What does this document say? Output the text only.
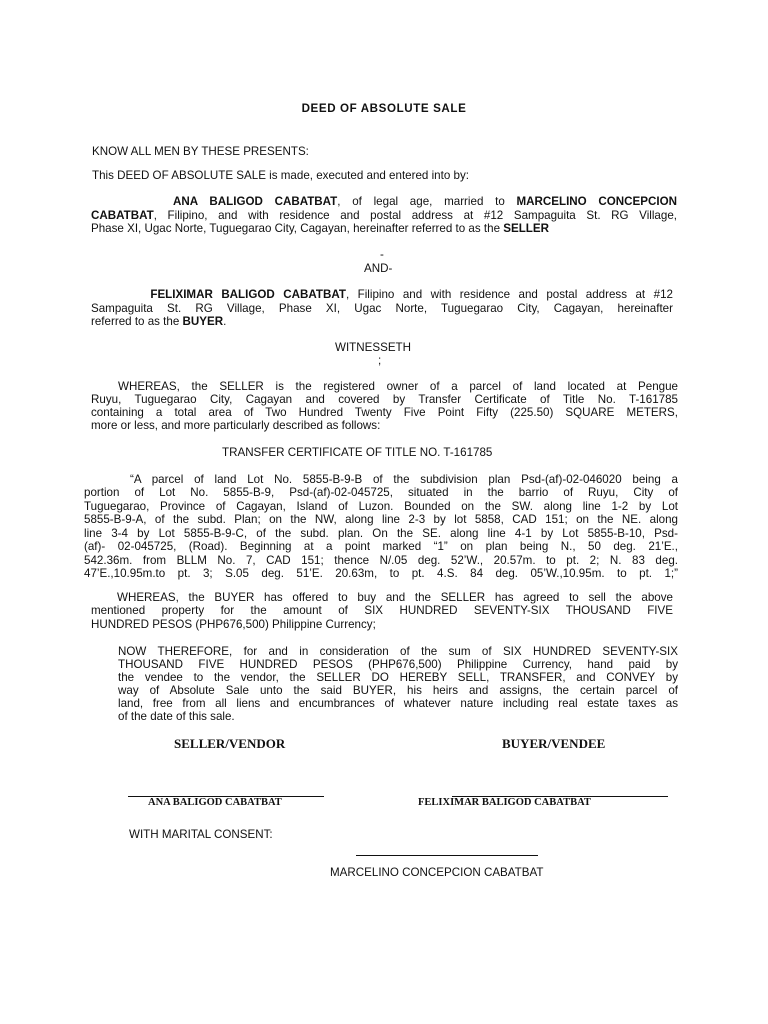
DEED OF ABSOLUTE SALE
KNOW ALL MEN BY THESE PRESENTS:
This DEED OF ABSOLUTE SALE is made, executed and entered into by:
ANA BALIGOD CABATBAT, of legal age, married to MARCELINO CONCEPCION
CABATBAT, Filipino, and with residence and postal address at #12 Sampaguita St. RG Village,
Phase XI, Ugac Norte, Tuguegarao City, Cagayan, hereinafter referred to as the SELLER
-
AND-
FELIXIMAR BALIGOD CABATBAT, Filipino and with residence and postal address at #12
Sampaguita St. RG Village, Phase XI, Ugac Norte, Tuguegarao City, Cagayan, hereinafter
referred to as the BUYER.
WITNESSETH
;
WHEREAS, the SELLER is the registered owner of a parcel of land located at Pengue
Ruyu, Tuguegarao City, Cagayan and covered by Transfer Certificate of Title No. T-161785
containing a total area of Two Hundred Twenty Five Point Fifty (225.50) SQUARE METERS,
more or less, and more particularly described as follows:
TRANSFER CERTIFICATE OF TITLE NO. T-161785
“A parcel of land Lot No. 5855-B-9-B of the subdivision plan Psd-(af)-02-046020 being a
portion of Lot No. 5855-B-9, Psd-(af)-02-045725, situated in the barrio of Ruyu, City of
Tuguegarao, Province of Cagayan, Island of Luzon. Bounded on the SW. along line 1-2 by Lot
5855-B-9-A, of the subd. Plan; on the NW, along line 2-3 by lot 5858, CAD 151; on the NE. along
line 3-4 by Lot 5855-B-9-C, of the subd. plan. On the SE. along line 4-1 by Lot 5855-B-10, Psd-
(af)- 02-045725, (Road). Beginning at a point marked “1” on plan being N., 50 deg. 21’E.,
542.36m. from BLLM No. 7, CAD 151; thence N/.05 deg. 52’W., 20.57m. to pt. 2; N. 83 deg.
47’E.,10.95m.to pt. 3; S.05 deg. 51’E. 20.63m, to pt. 4.S. 84 deg. 05’W.,10.95m. to pt. 1;”
WHEREAS, the BUYER has offered to buy and the SELLER has agreed to sell the above
mentioned property for the amount of SIX HUNDRED SEVENTY-SIX THOUSAND FIVE
HUNDRED PESOS (PHP676,500) Philippine Currency;
NOW THEREFORE, for and in consideration of the sum of SIX HUNDRED SEVENTY-SIX
THOUSAND FIVE HUNDRED PESOS (PHP676,500) Philippine Currency, hand paid by
the vendee to the vendor, the SELLER DO HEREBY SELL, TRANSFER, and CONVEY by
way of Absolute Sale unto the said BUYER, his heirs and assigns, the certain parcel of
land, free from all liens and encumbrances of whatever nature including real estate taxes as
of the date of this sale.
SELLER/VENDOR	BUYER/VENDEE
ANA BALIGOD CABATBAT	FELIXIMAR BALIGOD CABATBAT
WITH MARITAL CONSENT:
MARCELINO CONCEPCION CABATBAT
